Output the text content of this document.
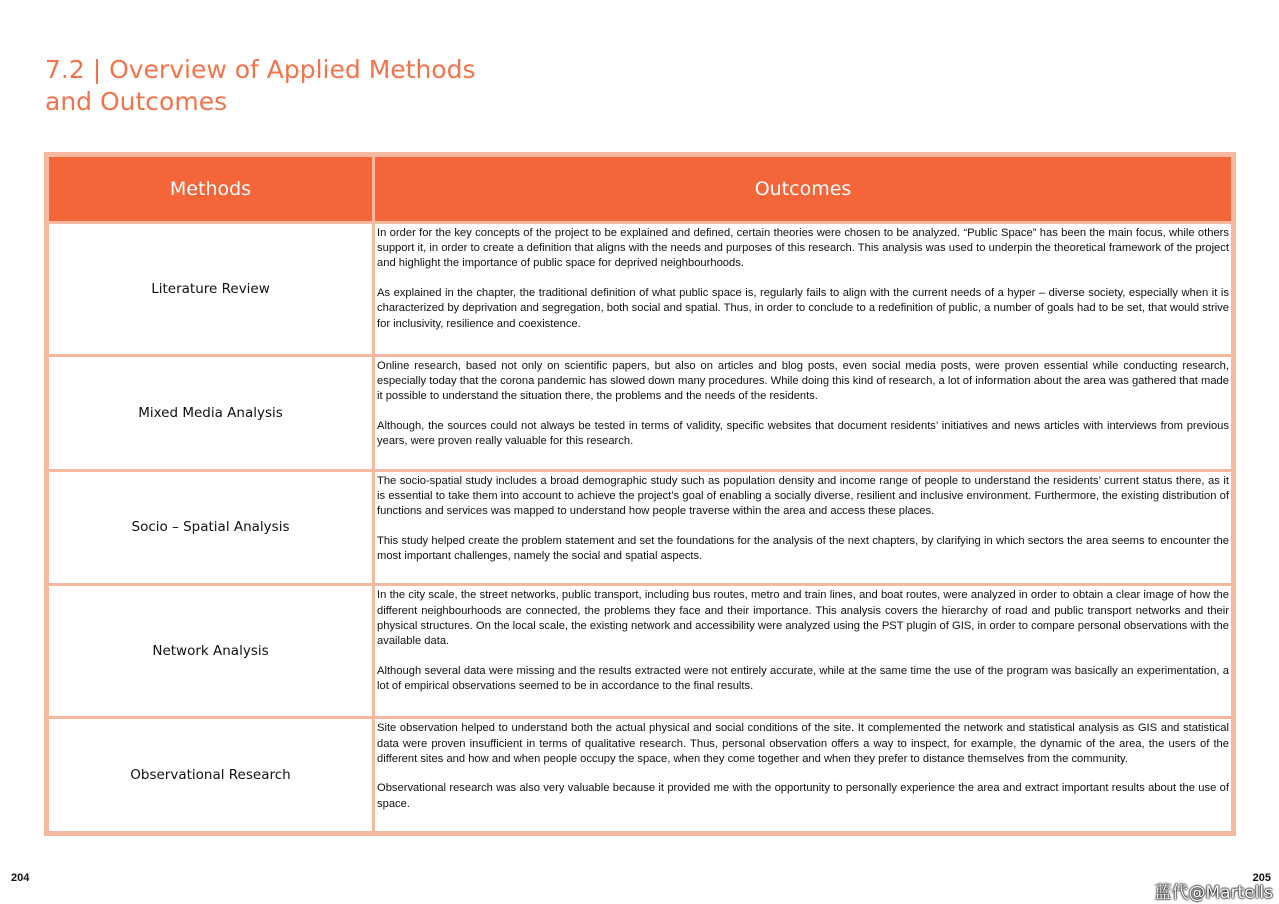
7.2 | Overview of Applied Methods
and Outcomes
Methods	Outcomes
Literature Review	In order for the key concepts of the project to be explained and defined, certain theories were chosen to be analyzed. “Public Space” has been the main focus, while others support it, in order to create a definition that aligns with the needs and purposes of this research. This analysis was used to underpin the theoretical framework of the project and highlight the importance of public space for deprived neighbourhoods.

As explained in the chapter, the traditional definition of what public space is, regularly fails to align with the current needs of a hyper – diverse society, especially when it is characterized by deprivation and segregation, both social and spatial. Thus, in order to conclude to a redefinition of public, a number of goals had to be set, that would strive for inclusivity, resilience and coexistence.

Mixed Media Analysis	Online research, based not only on scientific papers, but also on articles and blog posts, even social media posts, were proven essential while conducting research, especially today that the corona pandemic has slowed down many procedures. While doing this kind of research, a lot of information about the area was gathered that made it possible to understand the situation there, the problems and the needs of the residents.

Although, the sources could not always be tested in terms of validity, specific websites that document residents’ initiatives and news articles with interviews from previous years, were proven really valuable for this research.

Socio – Spatial Analysis	The socio-spatial study includes a broad demographic study such as population density and income range of people to understand the residents’ current status there, as it is essential to take them into account to achieve the project’s goal of enabling a socially diverse, resilient and inclusive environment. Furthermore, the existing distribution of functions and services was mapped to understand how people traverse within the area and access these places.

This study helped create the problem statement and set the foundations for the analysis of the next chapters, by clarifying in which sectors the area seems to encounter the most important challenges, namely the social and spatial aspects.

Network Analysis	In the city scale, the street networks, public transport, including bus routes, metro and train lines, and boat routes, were analyzed in order to obtain a clear image of how the different neighbourhoods are connected, the problems they face and their importance. This analysis covers the hierarchy of road and public transport networks and their physical structures. On the local scale, the existing network and accessibility were analyzed using the PST plugin of GIS, in order to compare personal observations with the available data.

Although several data were missing and the results extracted were not entirely accurate, while at the same time the use of the program was basically an experimentation, a lot of empirical observations seemed to be in accordance to the final results.

Observational Research	Site observation helped to understand both the actual physical and social conditions of the site. It complemented the network and statistical analysis as GIS and statistical data were proven insufficient in terms of qualitative research. Thus, personal observation offers a way to inspect, for example, the dynamic of the area, the users of the different sites and how and when people occupy the space, when they come together and when they prefer to distance themselves from the community.

Observational research was also very valuable because it provided me with the opportunity to personally experience the area and extract important results about the use of space.

204	205
蓝代@Martells
